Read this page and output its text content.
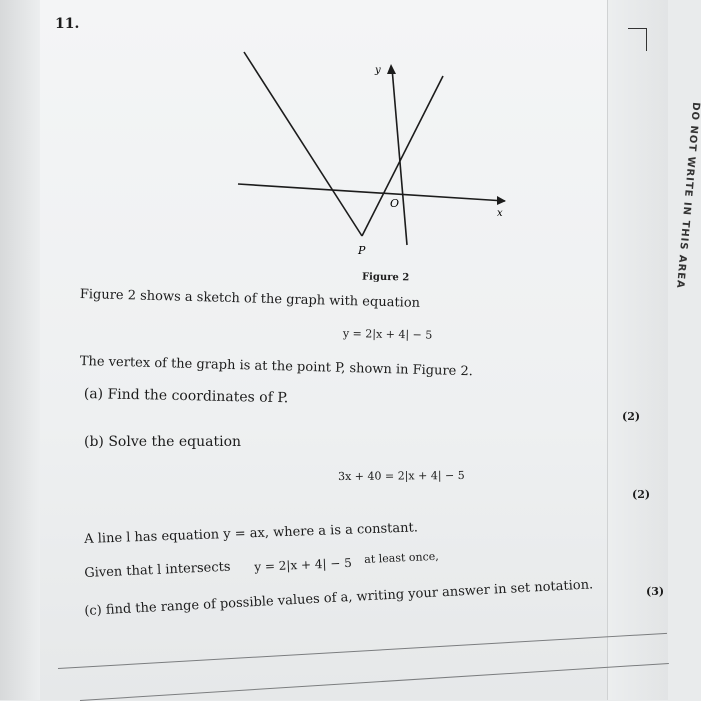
DO NOT WRITE IN THIS AREA
11.
y
x
O
P
Figure 2
Figure 2 shows a sketch of the graph with equation
y = 2|x + 4| − 5
The vertex of the graph is at the point P, shown in Figure 2.
(a) Find the coordinates of P.
(2)
(b) Solve the equation
3x + 40 = 2|x + 4| − 5
(2)
A line l has equation y = ax, where a is a constant.
Given that l intersects y = 2|x + 4| − 5 at least once,
(c) find the range of possible values of a, writing your answer in set notation.	(3)
